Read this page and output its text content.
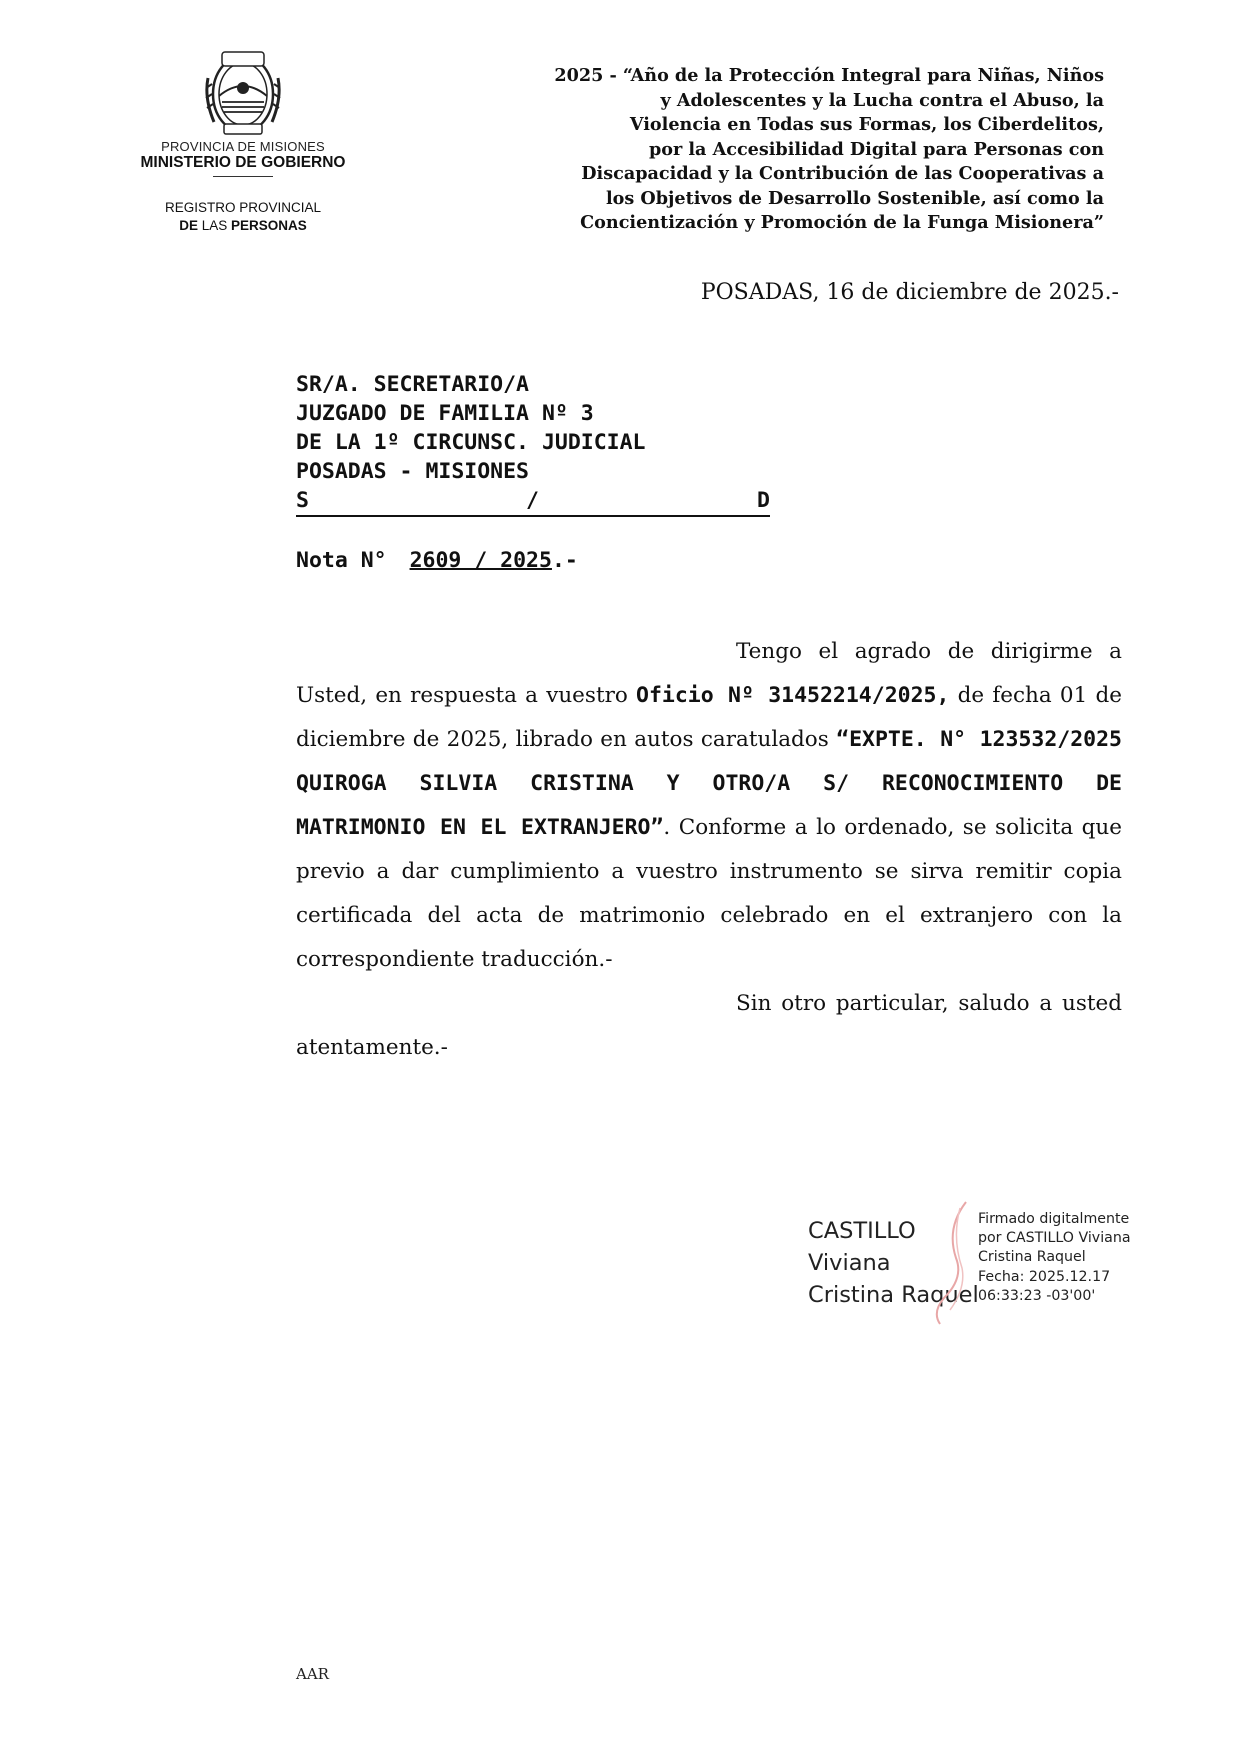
PROVINCIA DE MISIONES
MINISTERIO DE GOBIERNO
REGISTRO PROVINCIAL
DE LAS PERSONAS
2025 - “Año de la Protección Integral para Niñas, Niños
y Adolescentes y la Lucha contra el Abuso, la
Violencia en Todas sus Formas, los Ciberdelitos,
por la Accesibilidad Digital para Personas con
Discapacidad y la Contribución de las Cooperativas a
los Objetivos de Desarrollo Sostenible, así como la
Concientización y Promoción de la Funga Misionera”
POSADAS, 16 de diciembre de 2025.-
SR/A. SECRETARIO/A
JUZGADO DE FAMILIA Nº 3
DE LA 1º CIRCUNSC. JUDICIAL
POSADAS - MISIONES
S	/	D
Nota N° 2609 / 2025.-

Tengo el agrado de dirigirme a Usted, en respuesta a vuestro Oficio Nº 31452214/2025, de fecha 01 de diciembre de 2025, librado en autos caratulados “EXPTE. N° 123532/2025 QUIROGA SILVIA CRISTINA Y OTRO/A S/ RECONOCIMIENTO DE MATRIMONIO EN EL EXTRANJERO”. Conforme a lo ordenado, se solicita que previo a dar cumplimiento a vuestro instrumento se sirva remitir copia certificada del acta de matrimonio celebrado en el extranjero con la correspondiente traducción.-

Sin otro particular, saludo a usted atentamente.-

CASTILLO
Viviana
Cristina Raquel
Firmado digitalmente
por CASTILLO Viviana
Cristina Raquel
Fecha: 2025.12.17
06:33:23 -03'00'
AAR
